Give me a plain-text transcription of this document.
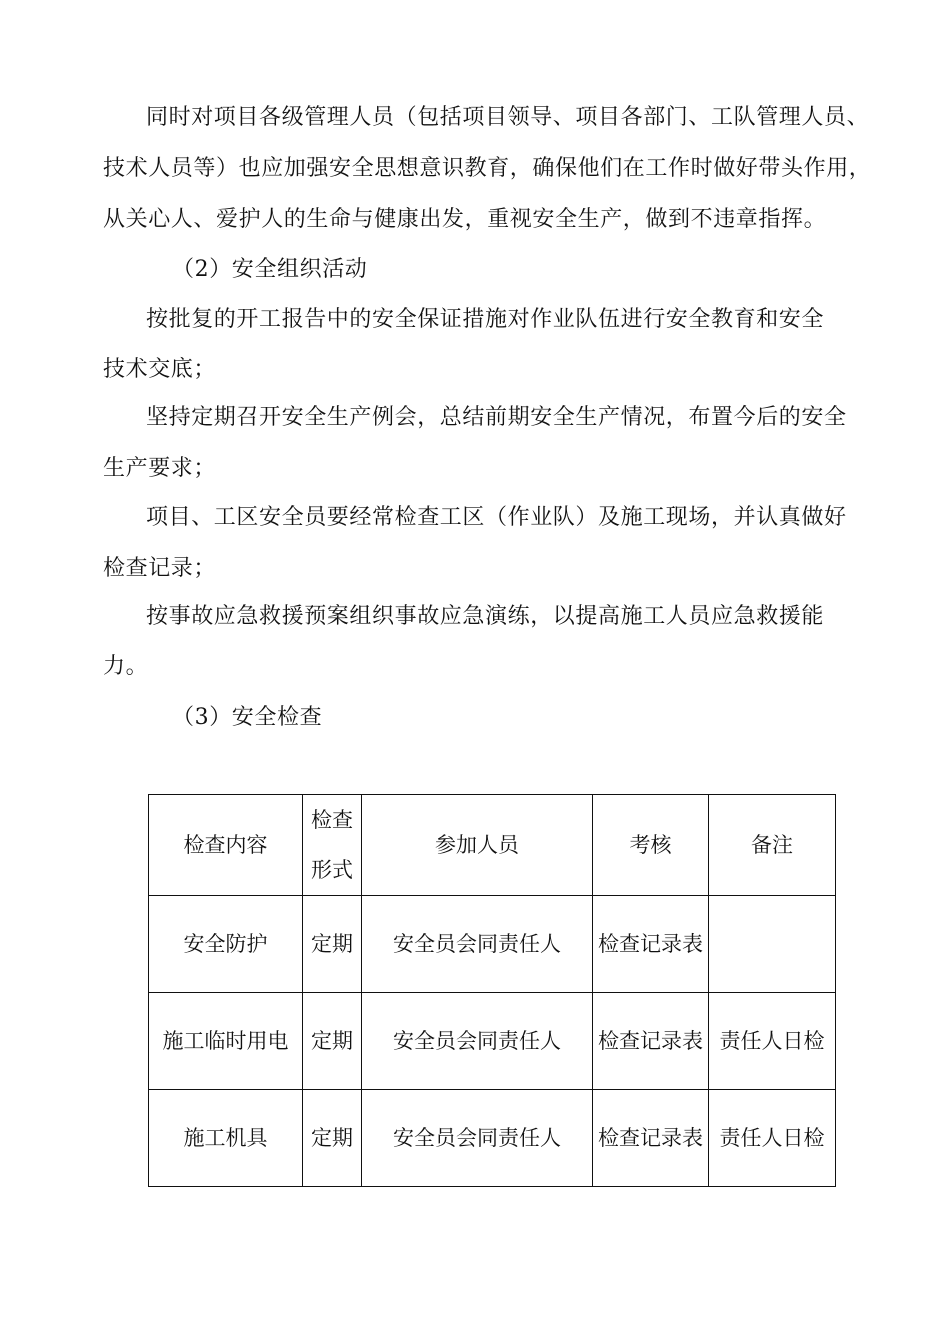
同时对项目各级管理人员（包括项目领导、项目各部门、工队管理人员、
技术人员等）也应加强安全思想意识教育，确保他们在工作时做好带头作用，
从关心人、爱护人的生命与健康出发，重视安全生产，做到不违章指挥。
（2）安全组织活动
按批复的开工报告中的安全保证措施对作业队伍进行安全教育和安全
技术交底；
坚持定期召开安全生产例会，总结前期安全生产情况，布置今后的安全
生产要求；
项目、工区安全员要经常检查工区（作业队）及施工现场，并认真做好
检查记录；
按事故应急救援预案组织事故应急演练，以提高施工人员应急救援能
力。
（3）安全检查
检查内容	检查形式	参加人员	考核	备注
安全防护	定期	安全员会同责任人	检查记录表	
施工临时用电	定期	安全员会同责任人	检查记录表	责任人日检
施工机具	定期	安全员会同责任人	检查记录表	责任人日检
